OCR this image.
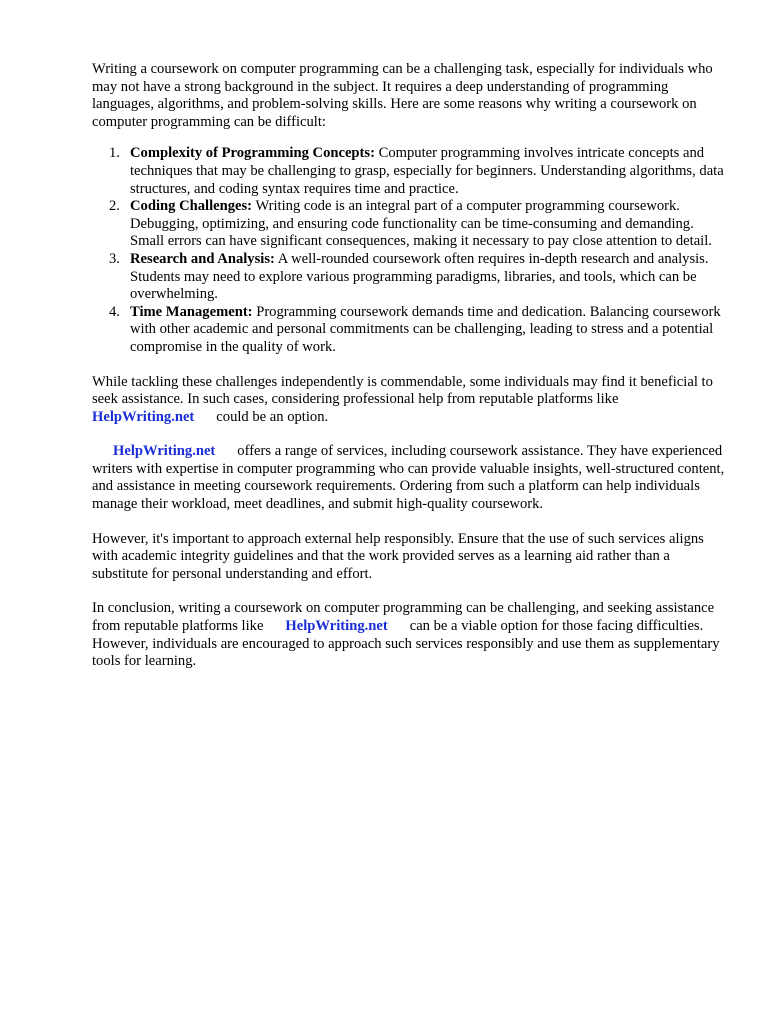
Writing a coursework on computer programming can be a challenging task, especially for individuals who may not have a strong background in the subject. It requires a deep understanding of programming languages, algorithms, and problem-solving skills. Here are some reasons why writing a coursework on computer programming can be difficult:

1. Complexity of Programming Concepts: Computer programming involves intricate concepts and techniques that may be challenging to grasp, especially for beginners. Understanding algorithms, data structures, and coding syntax requires time and practice.
2. Coding Challenges: Writing code is an integral part of a computer programming coursework. Debugging, optimizing, and ensuring code functionality can be time-consuming and demanding. Small errors can have significant consequences, making it necessary to pay close attention to detail.
3. Research and Analysis: A well-rounded coursework often requires in-depth research and analysis. Students may need to explore various programming paradigms, libraries, and tools, which can be overwhelming.
4. Time Management: Programming coursework demands time and dedication. Balancing coursework with other academic and personal commitments can be challenging, leading to stress and a potential compromise in the quality of work.

While tackling these challenges independently is commendable, some individuals may find it beneficial to seek assistance. In such cases, considering professional help from reputable platforms likeHelpWriting.net could be an option.

HelpWriting.net offers a range of services, including coursework assistance. They have experienced writers with expertise in computer programming who can provide valuable insights, well-structured content, and assistance in meeting coursework requirements. Ordering from such a platform can help individuals manage their workload, meet deadlines, and submit high-quality coursework.

However, it's important to approach external help responsibly. Ensure that the use of such services aligns with academic integrity guidelines and that the work provided serves as a learning aid rather than a substitute for personal understanding and effort.

In conclusion, writing a coursework on computer programming can be challenging, and seeking assistance from reputable platforms like HelpWriting.net can be a viable option for those facing difficulties. However, individuals are encouraged to approach such services responsibly and use them as supplementary tools for learning.
